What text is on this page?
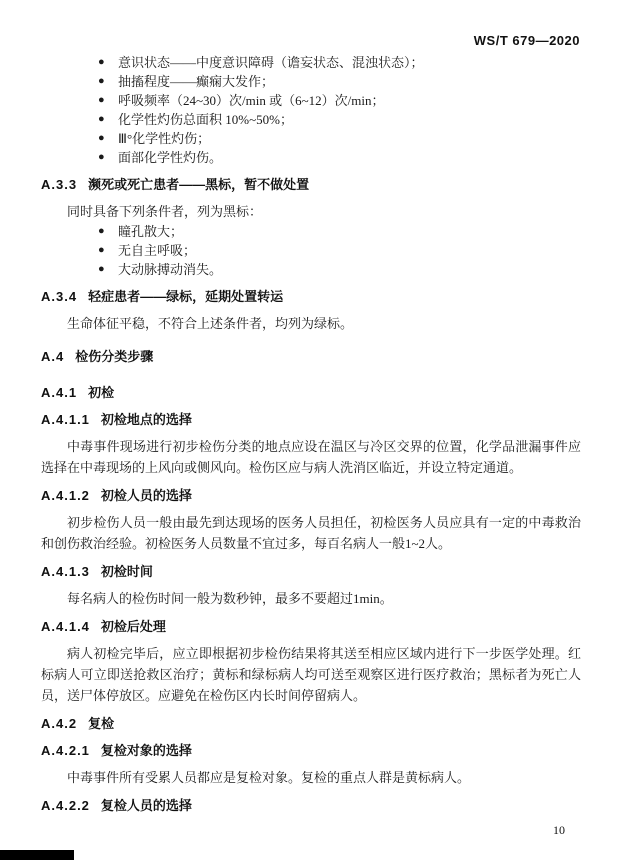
WS/T 679—2020
● 意识状态——中度意识障碍（谵妄状态、混浊状态）；
● 抽搐程度——癫痫大发作；
● 呼吸频率（24~30）次/min 或（6~12）次/min；
● 化学性灼伤总面积 10%~50%；
● Ⅲ°化学性灼伤；
● 面部化学性灼伤。
A.3.3 濒死或死亡患者——黑标，暂不做处置
同时具备下列条件者，列为黑标：
● 瞳孔散大；
● 无自主呼吸；
● 大动脉搏动消失。
A.3.4 轻症患者——绿标，延期处置转运
生命体征平稳，不符合上述条件者，均列为绿标。
A.4 检伤分类步骤
A.4.1 初检
A.4.1.1 初检地点的选择
中毒事件现场进行初步检伤分类的地点应设在温区与冷区交界的位置，化学品泄漏事件应选择在中毒现场的上风向或侧风向。检伤区应与病人洗消区临近，并设立特定通道。
A.4.1.2 初检人员的选择
初步检伤人员一般由最先到达现场的医务人员担任，初检医务人员应具有一定的中毒救治和创伤救治经验。初检医务人员数量不宜过多，每百名病人一般1~2人。
A.4.1.3 初检时间
每名病人的检伤时间一般为数秒钟，最多不要超过1min。
A.4.1.4 初检后处理
病人初检完毕后，应立即根据初步检伤结果将其送至相应区域内进行下一步医学处理。红标病人可立即送抢救区治疗；黄标和绿标病人均可送至观察区进行医疗救治；黑标者为死亡人员，送尸体停放区。应避免在检伤区内长时间停留病人。
A.4.2 复检
A.4.2.1 复检对象的选择
中毒事件所有受累人员都应是复检对象。复检的重点人群是黄标病人。
A.4.2.2 复检人员的选择
10
